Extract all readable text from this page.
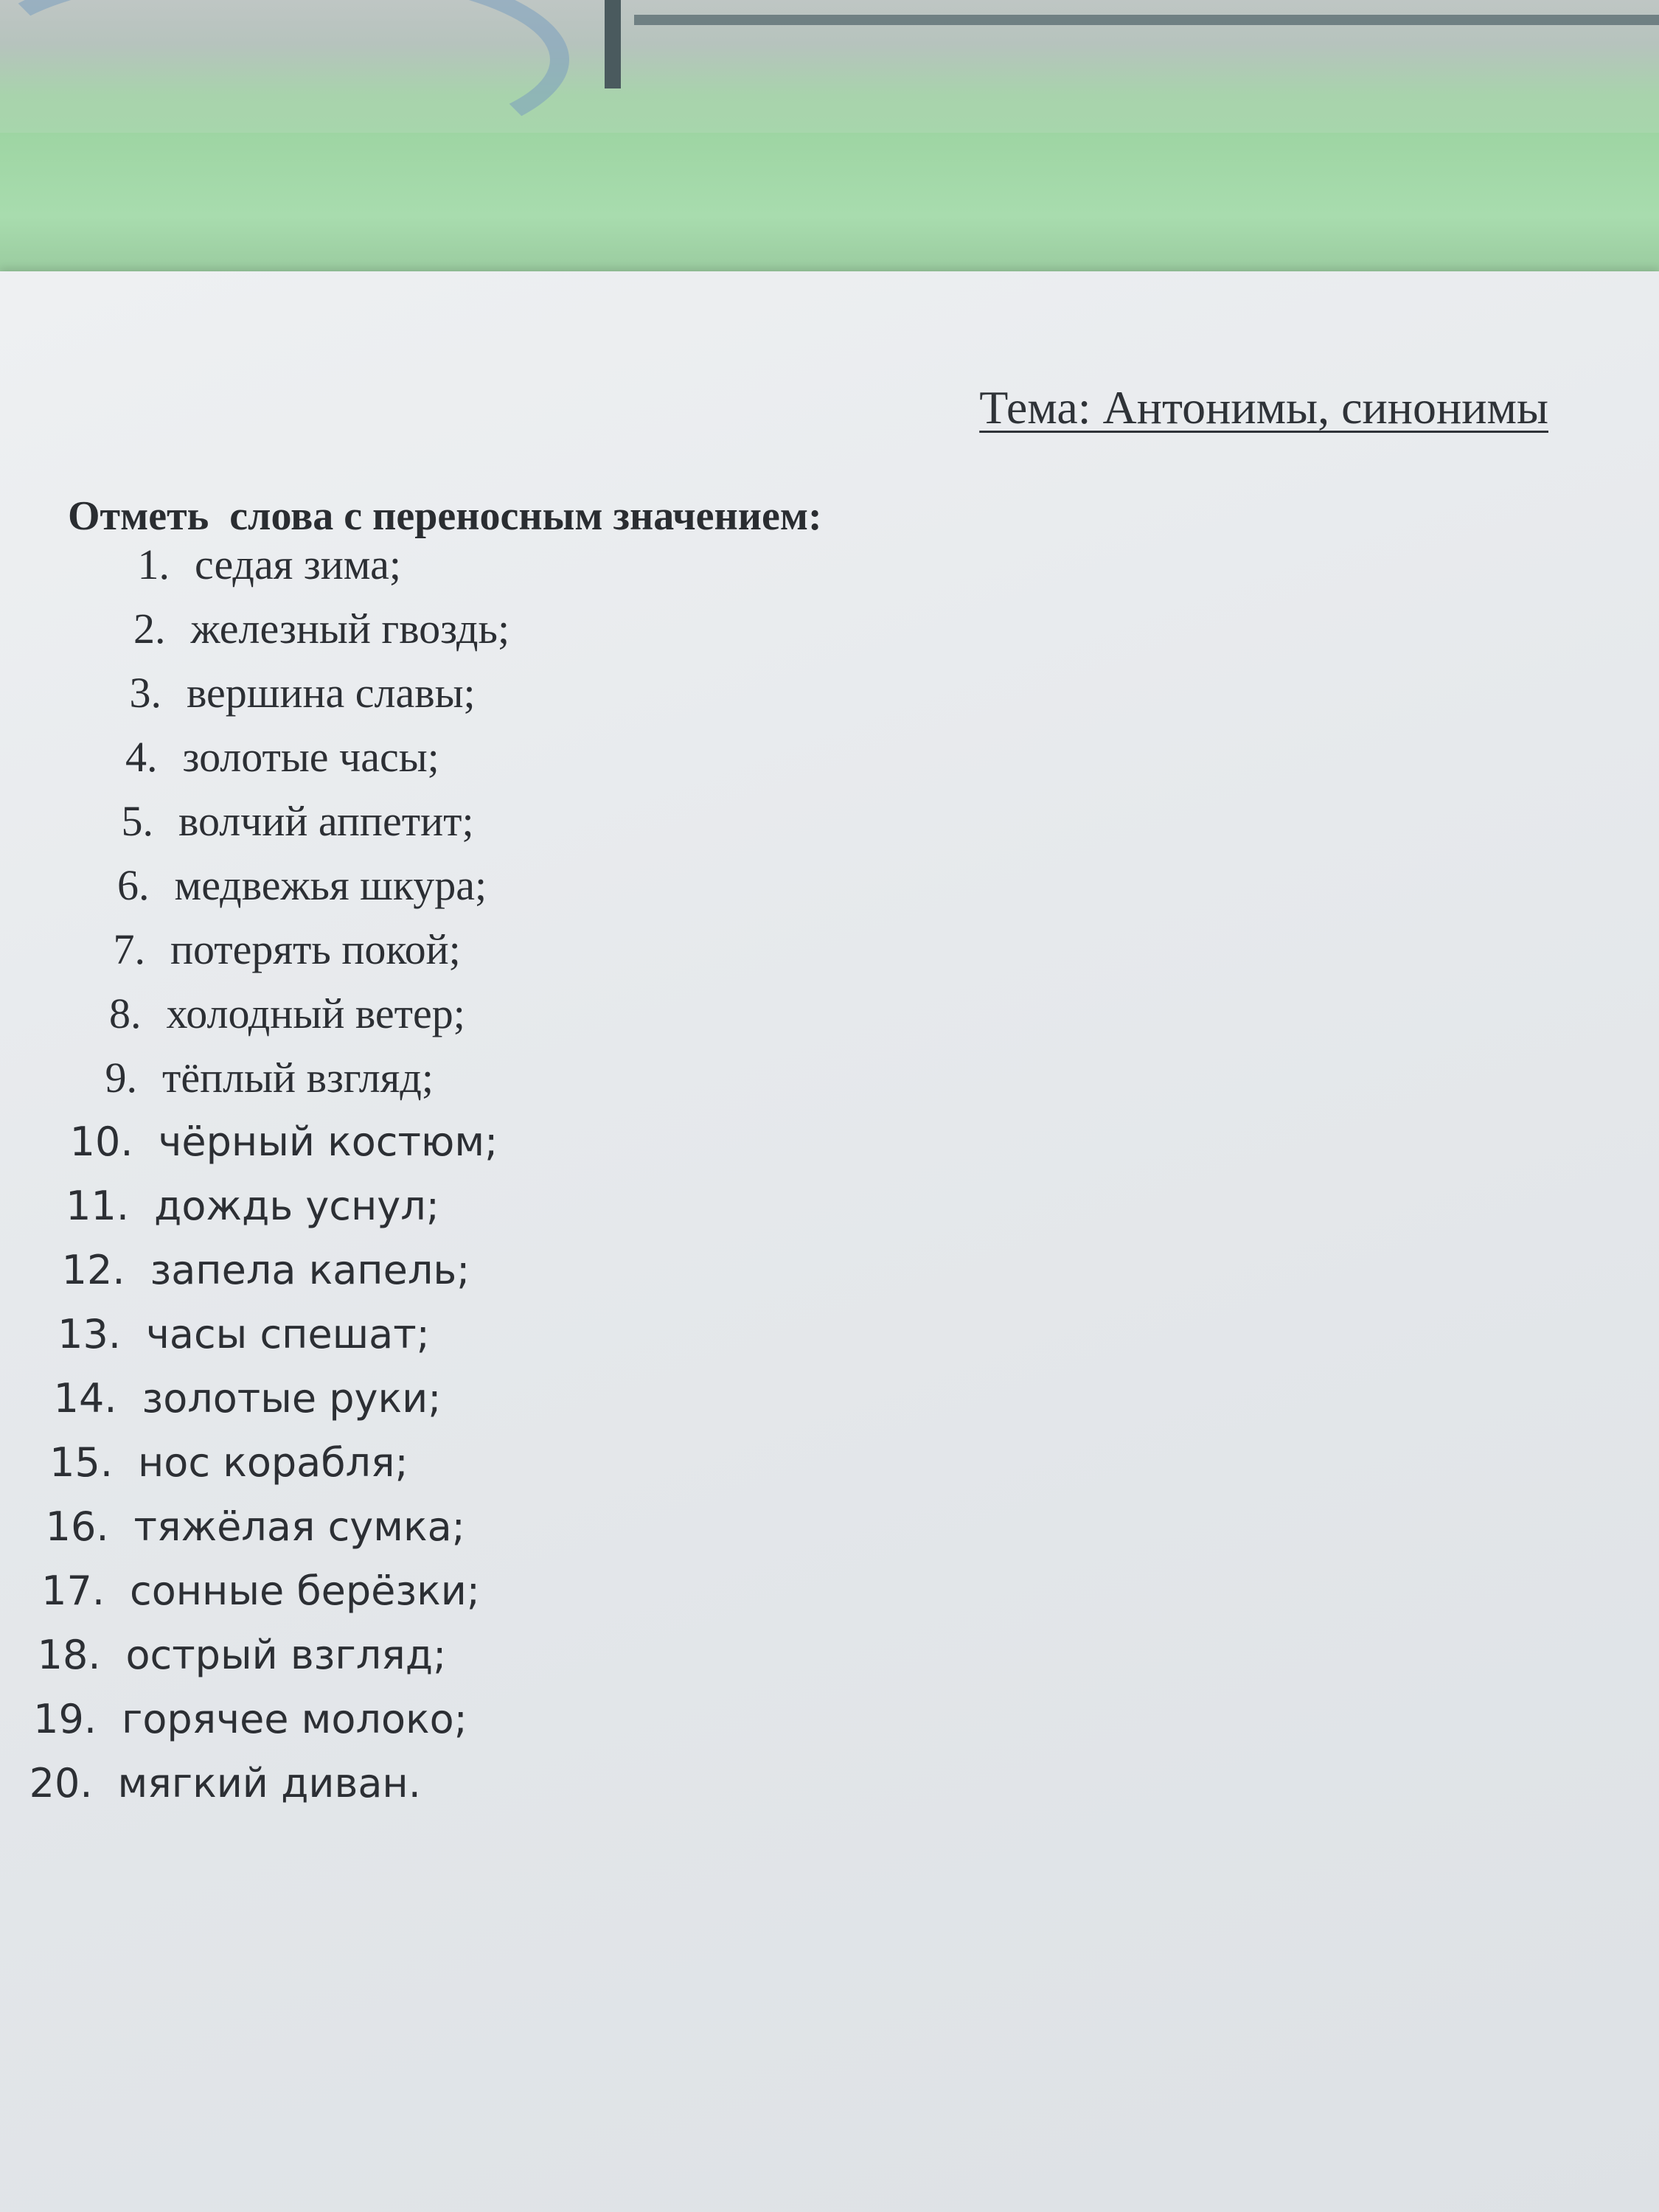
Тема: Антонимы, синонимы
Отметь  слова с переносным значением:
1. седая зима;
2. железный гвоздь;
3. вершина славы;
4. золотые часы;
5. волчий аппетит;
6. медвежья шкура;
7. потерять покой;
8. холодный ветер;
9. тёплый взгляд;
10. чёрный костюм;
11. дождь уснул;
12. запела капель;
13. часы спешат;
14. золотые руки;
15. нос корабля;
16. тяжёлая сумка;
17. сонные берёзки;
18. острый взгляд;
19. горячее молоко;
20. мягкий диван.
